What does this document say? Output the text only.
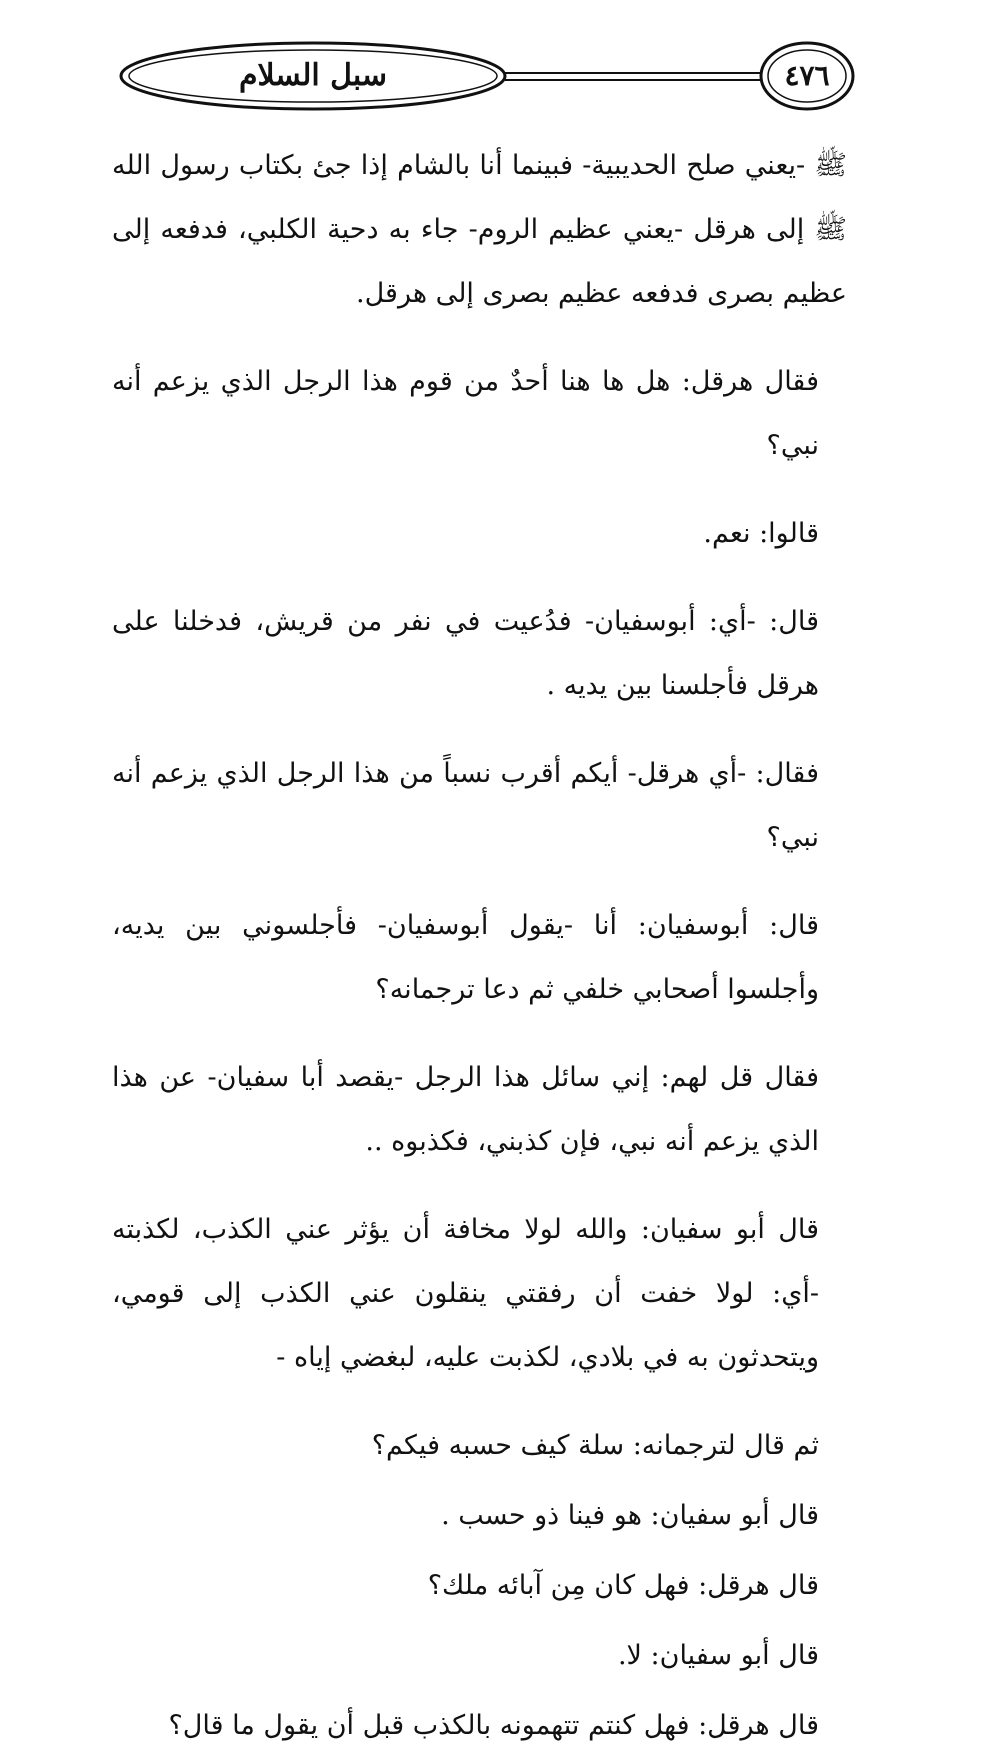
سبل السلام	٤٧٦

ﷺ -يعني صلح الحديبية- فبينما أنا بالشام إذا جئ بكتاب رسول الله ﷺ إلى هرقل -يعني عظيم الروم- جاء به دحية الكلبي، فدفعه إلى عظيم بصرى فدفعه عظيم بصرى إلى هرقل.

فقال هرقل: هل ها هنا أحدٌ من قوم هذا الرجل الذي يزعم أنه نبي؟

قالوا: نعم.

قال: -أي: أبوسفيان- فدُعيت في نفر من قريش، فدخلنا على هرقل فأجلسنا بين يديه .

فقال: -أي هرقل- أيكم أقرب نسباً من هذا الرجل الذي يزعم أنه نبي؟

قال: أبوسفيان: أنا -يقول أبوسفيان- فأجلسوني بين يديه، وأجلسوا أصحابي خلفي ثم دعا ترجمانه؟

فقال قل لهم: إني سائل هذا الرجل -يقصد أبا سفيان- عن هذا الذي يزعم أنه نبي، فإن كذبني، فكذبوه ..

قال أبو سفيان: والله لولا مخافة أن يؤثر عني الكذب، لكذبته -أي: لولا خفت أن رفقتي ينقلون عني الكذب إلى قومي، ويتحدثون به في بلادي، لكذبت عليه، لبغضي إياه -

ثم قال لترجمانه: سلة كيف حسبه فيكم؟

قال أبو سفيان: هو فينا ذو حسب .

قال هرقل: فهل كان مِن آبائه ملك؟

قال أبو سفيان: لا.

قال هرقل: فهل كنتم تتهمونه بالكذب قبل أن يقول ما قال؟
